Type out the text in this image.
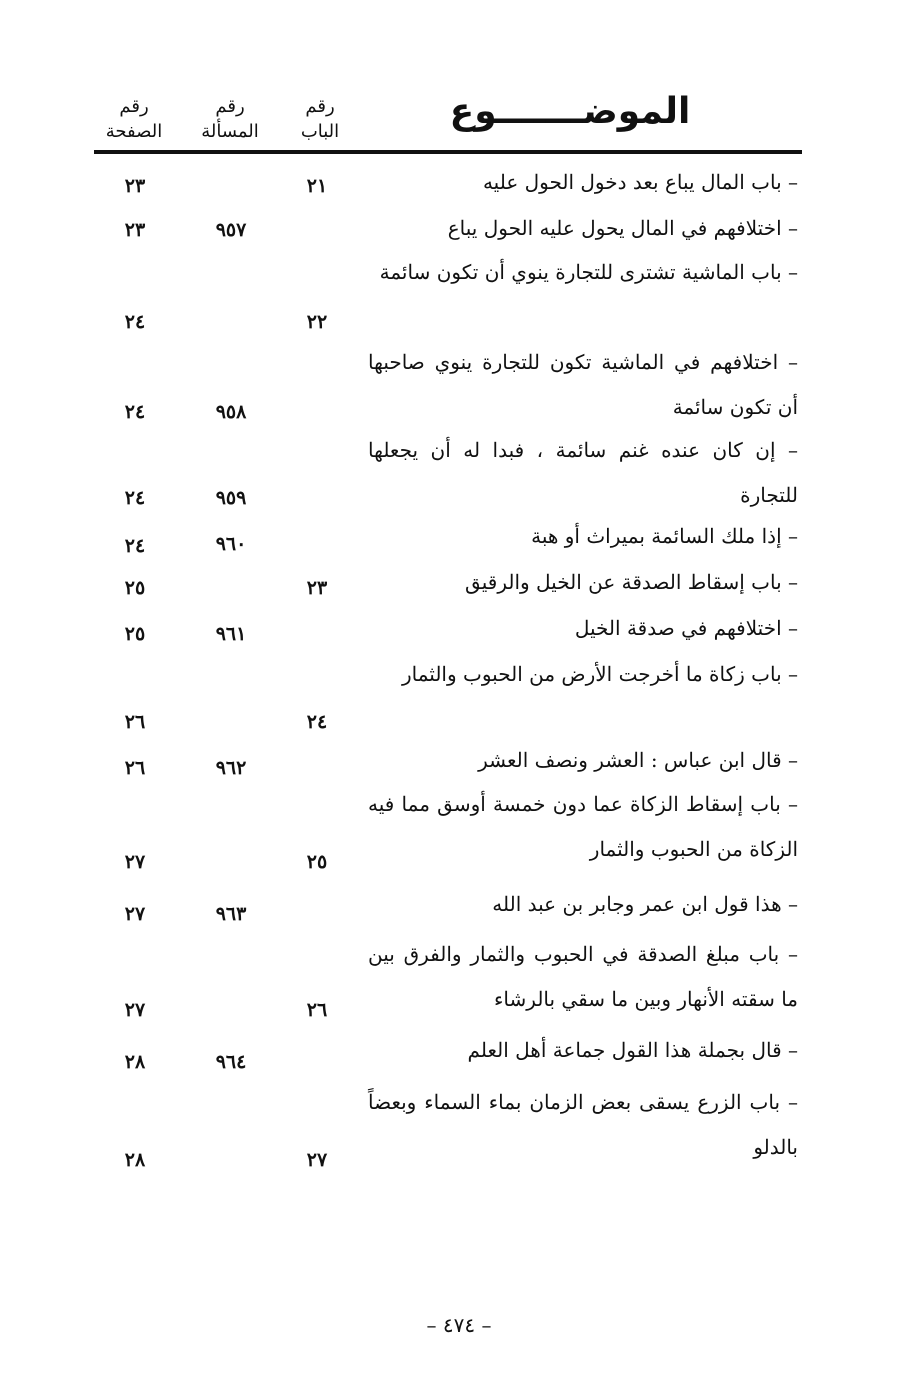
الموضـــــــوع
رقم
الباب
رقم
المسألة
رقم
الصفحة
– باب المال يباع بعد دخول الحول عليه
٢١
٢٣
– اختلافهم في المال يحول عليه الحول يباع
٩٥٧
٢٣
– باب الماشية تشترى للتجارة ينوي أن تكون سائمة
٢٢
٢٤
– اختلافهم في الماشية تكون للتجارة ينوي صاحبها أن تكون سائمة
٩٥٨
٢٤
– إن كان عنده غنم سائمة ، فبدا له أن يجعلها للتجارة
٩٥٩
٢٤
– إذا ملك السائمة بميراث أو هبة
٩٦٠
٢٤
– باب إسقاط الصدقة عن الخيل والرقيق
٢٣
٢٥
– اختلافهم في صدقة الخيل
٩٦١
٢٥
– باب زكاة ما أخرجت الأرض من الحبوب والثمار
٢٤
٢٦
– قال ابن عباس : العشر ونصف العشر
٩٦٢
٢٦
– باب إسقاط الزكاة عما دون خمسة أوسق مما فيه الزكاة من الحبوب والثمار
٢٥
٢٧
– هذا قول ابن عمر وجابر بن عبد الله
٩٦٣
٢٧
– باب مبلغ الصدقة في الحبوب والثمار والفرق بين ما سقته الأنهار وبين ما سقي بالرشاء
٢٦
٢٧
– قال بجملة هذا القول جماعة أهل العلم
٩٦٤
٢٨
– باب الزرع يسقى بعض الزمان بماء السماء وبعضاً بالدلو
٢٧
٢٨
– ٤٧٤ –
